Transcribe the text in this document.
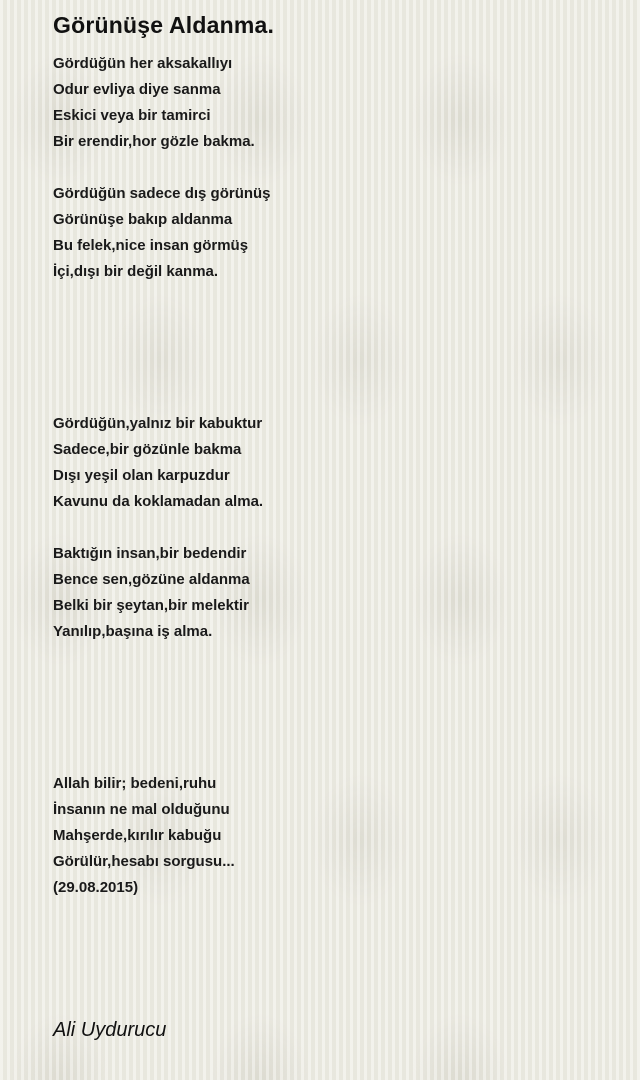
Görünüşe Aldanma.

Gördüğün her aksakallıyı
Odur evliya diye sanma
Eskici veya bir tamirci
Bir erendir,hor gözle bakma.

Gördüğün sadece dış görünüş
Görünüşe bakıp aldanma
Bu felek,nice insan görmüş
İçi,dışı bir değil kanma.

Gördüğün,yalnız bir kabuktur
Sadece,bir gözünle bakma
Dışı yeşil olan karpuzdur
Kavunu da koklamadan alma.

Baktığın insan,bir bedendir
Bence sen,gözüne aldanma
Belki bir şeytan,bir melektir
Yanılıp,başına iş alma.

Allah bilir; bedeni,ruhu
İnsanın ne mal olduğunu
Mahşerde,kırılır kabuğu
Görülür,hesabı sorgusu...
(29.08.2015)

Ali Uydurucu
